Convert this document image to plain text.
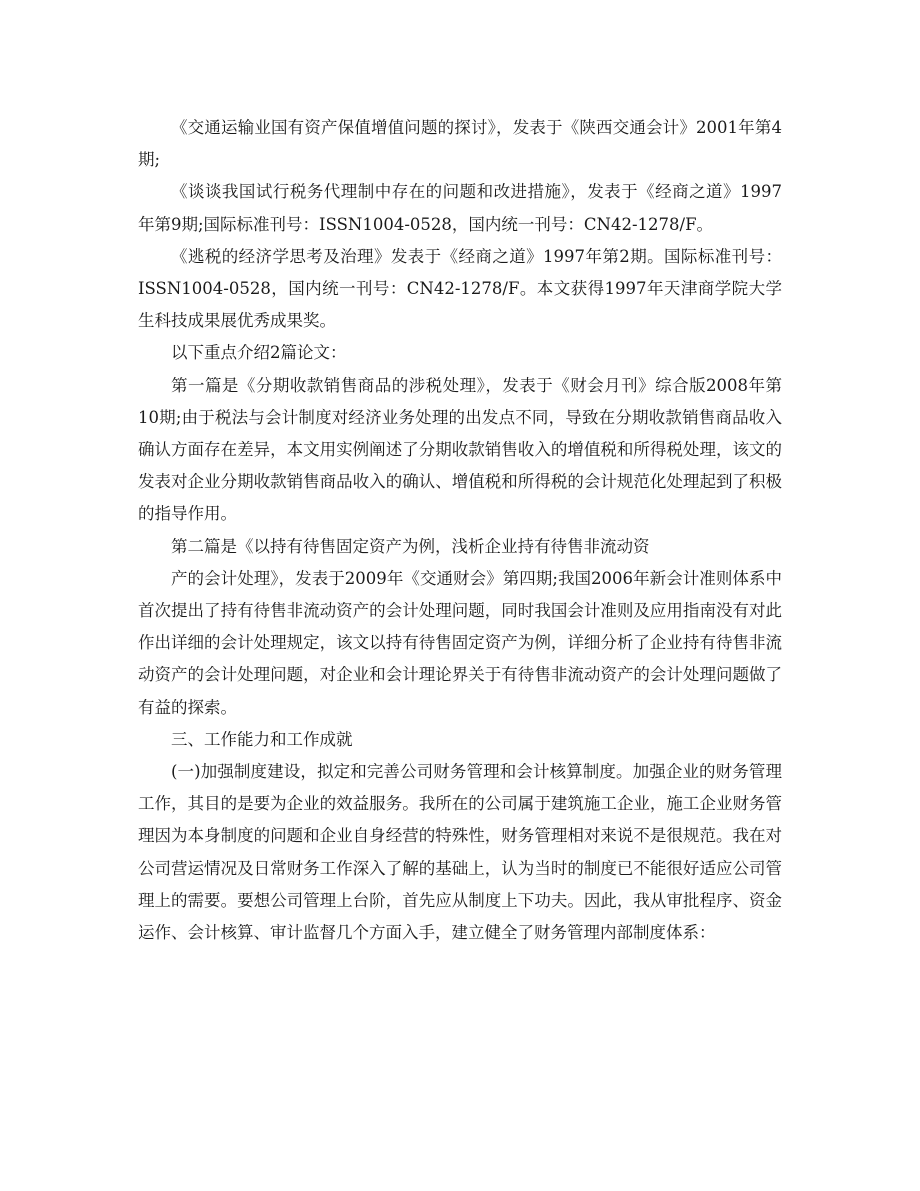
《交通运输业国有资产保值增值问题的探讨》，发表于《陕西交通会计》2001年第4期;

《谈谈我国试行税务代理制中存在的问题和改进措施》，发表于《经商之道》1997年第9期;国际标准刊号：ISSN1004-0528，国内统一刊号：CN42-1278/F。

《逃税的经济学思考及治理》发表于《经商之道》1997年第2期。国际标准刊号：ISSN1004-0528，国内统一刊号：CN42-1278/F。本文获得1997年天津商学院大学生科技成果展优秀成果奖。

以下重点介绍2篇论文：

第一篇是《分期收款销售商品的涉税处理》，发表于《财会月刊》综合版2008年第10期;由于税法与会计制度对经济业务处理的出发点不同，导致在分期收款销售商品收入确认方面存在差异，本文用实例阐述了分期收款销售收入的增值税和所得税处理，该文的发表对企业分期收款销售商品收入的确认、增值税和所得税的会计规范化处理起到了积极的指导作用。

第二篇是《以持有待售固定资产为例，浅析企业持有待售非流动资

产的会计处理》，发表于2009年《交通财会》第四期;我国2006年新会计准则体系中首次提出了持有待售非流动资产的会计处理问题，同时我国会计准则及应用指南没有对此作出详细的会计处理规定，该文以持有待售固定资产为例，详细分析了企业持有待售非流动资产的会计处理问题，对企业和会计理论界关于有待售非流动资产的会计处理问题做了有益的探索。

三、工作能力和工作成就

(一)加强制度建设，拟定和完善公司财务管理和会计核算制度。加强企业的财务管理工作，其目的是要为企业的效益服务。我所在的公司属于建筑施工企业，施工企业财务管理因为本身制度的问题和企业自身经营的特殊性，财务管理相对来说不是很规范。我在对公司营运情况及日常财务工作深入了解的基础上，认为当时的制度已不能很好适应公司管理上的需要。要想公司管理上台阶，首先应从制度上下功夫。因此，我从审批程序、资金运作、会计核算、审计监督几个方面入手，建立健全了财务管理内部制度体系：
